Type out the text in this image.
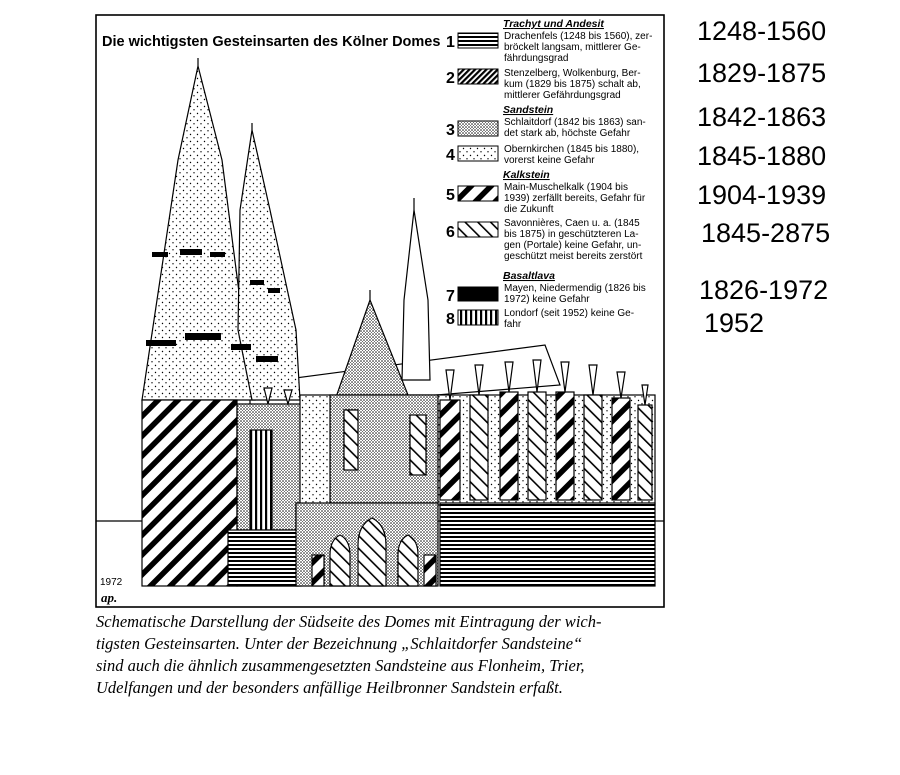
Die wichtigsten Gesteinsarten des Kölner Domes
1972
ap.
Trachyt und Andesit
Sandstein
Kalkstein
Basaltlava
1	Drachenfels (1248 bis 1560), zer-
bröckelt langsam, mittlerer Ge-
fährdungsgrad
2	Stenzelberg, Wolkenburg, Ber-
kum (1829 bis 1875) schalt ab,
mittlerer Gefährdungsgrad
3	Schlaitdorf (1842 bis 1863) san-
det stark ab, höchste Gefahr
4	Obernkirchen (1845 bis 1880),
vorerst keine Gefahr
5	Main-Muschelkalk (1904 bis
1939) zerfällt bereits, Gefahr für
die Zukunft
6
Savonnières, Caen u. a. (1845
bis 1875) in geschützteren La-
gen (Portale) keine Gefahr, un-
geschützt meist bereits zerstört
7	Mayen, Niedermendig (1826 bis
1972) keine Gefahr
8	Londorf (seit 1952) keine Ge-
fahr
1248-1560
1829-1875
1842-1863
1845-1880
1904-1939
1845-2875
1826-1972
1952
Schematische Darstellung der Südseite des Domes mit Eintragung der wich-
tigsten Gesteinsarten. Unter der Bezeichnung „Schlaitdorfer Sandsteine“
sind auch die ähnlich zusammengesetzten Sandsteine aus Flonheim, Trier,
Udelfangen und der besonders anfällige Heilbronner Sandstein erfaßt.
